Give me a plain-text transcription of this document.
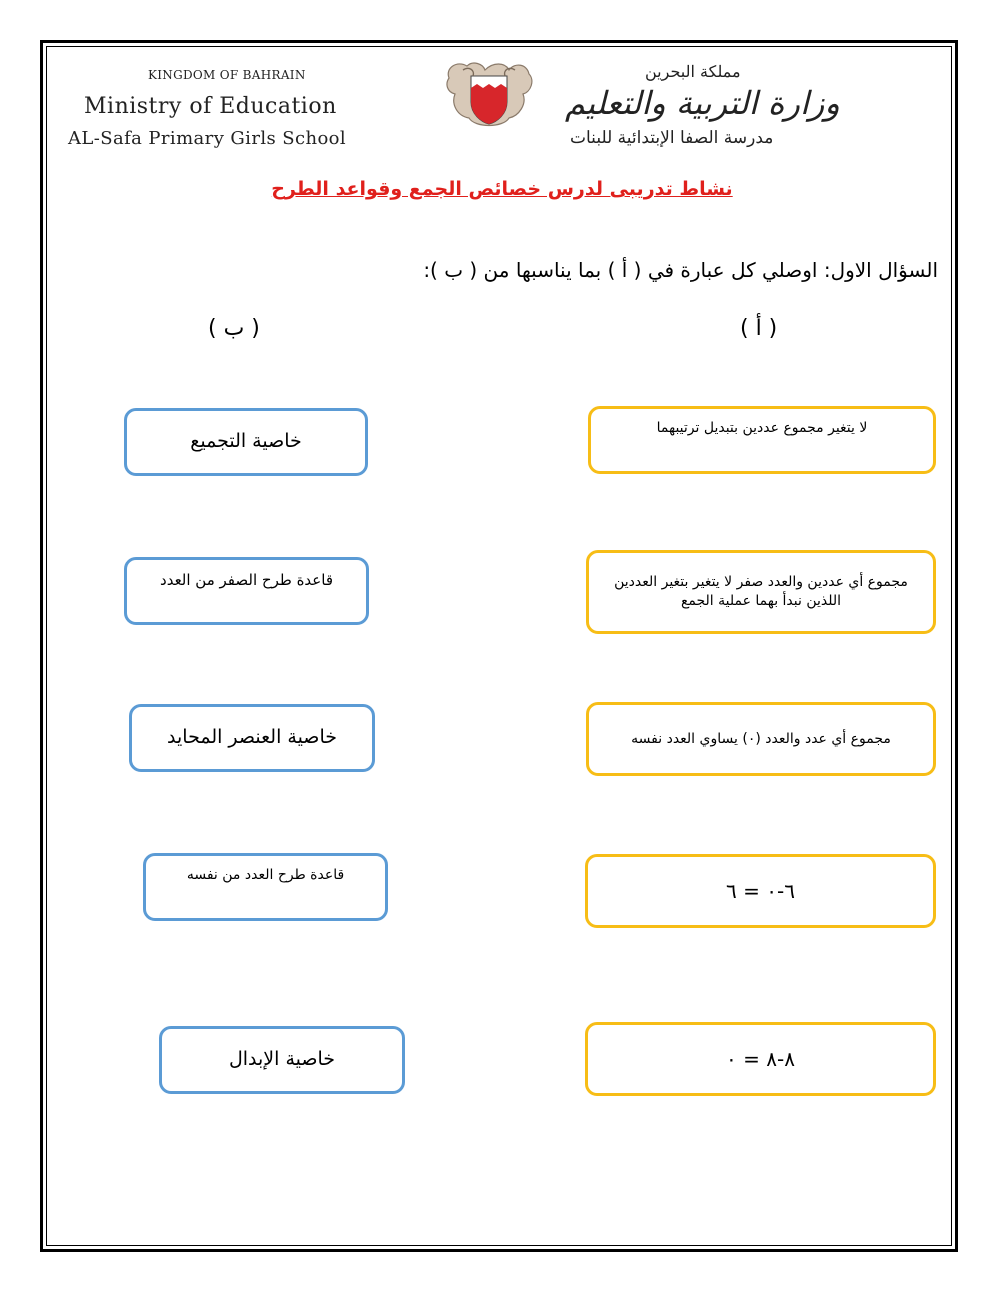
KINGDOM OF BAHRAIN
Ministry of Education
AL-Safa Primary Girls School
مملكة البحرين
وزارة التربية والتعليم
مدرسة الصفا الإبتدائية للبنات
نشاط تدريبى لدرس خصائص الجمع وقواعد الطرح
السؤال الاول: اوصلي كل عبارة في ( أ ) بما يناسبها من ( ب ):
( أ )
( ب )
لا يتغير مجموع عددين بتبديل ترتيبهما
مجموع أي عددين والعدد صفر لا يتغير بتغير العددين اللذين نبدأ بهما عملية الجمع
مجموع أي عدد والعدد (٠) يساوي العدد نفسه
٦-٠ = ٦
٨-٨ = ٠
خاصية التجميع
قاعدة طرح الصفر من العدد
خاصية العنصر المحايد
قاعدة طرح العدد من نفسه
خاصية الإبدال
